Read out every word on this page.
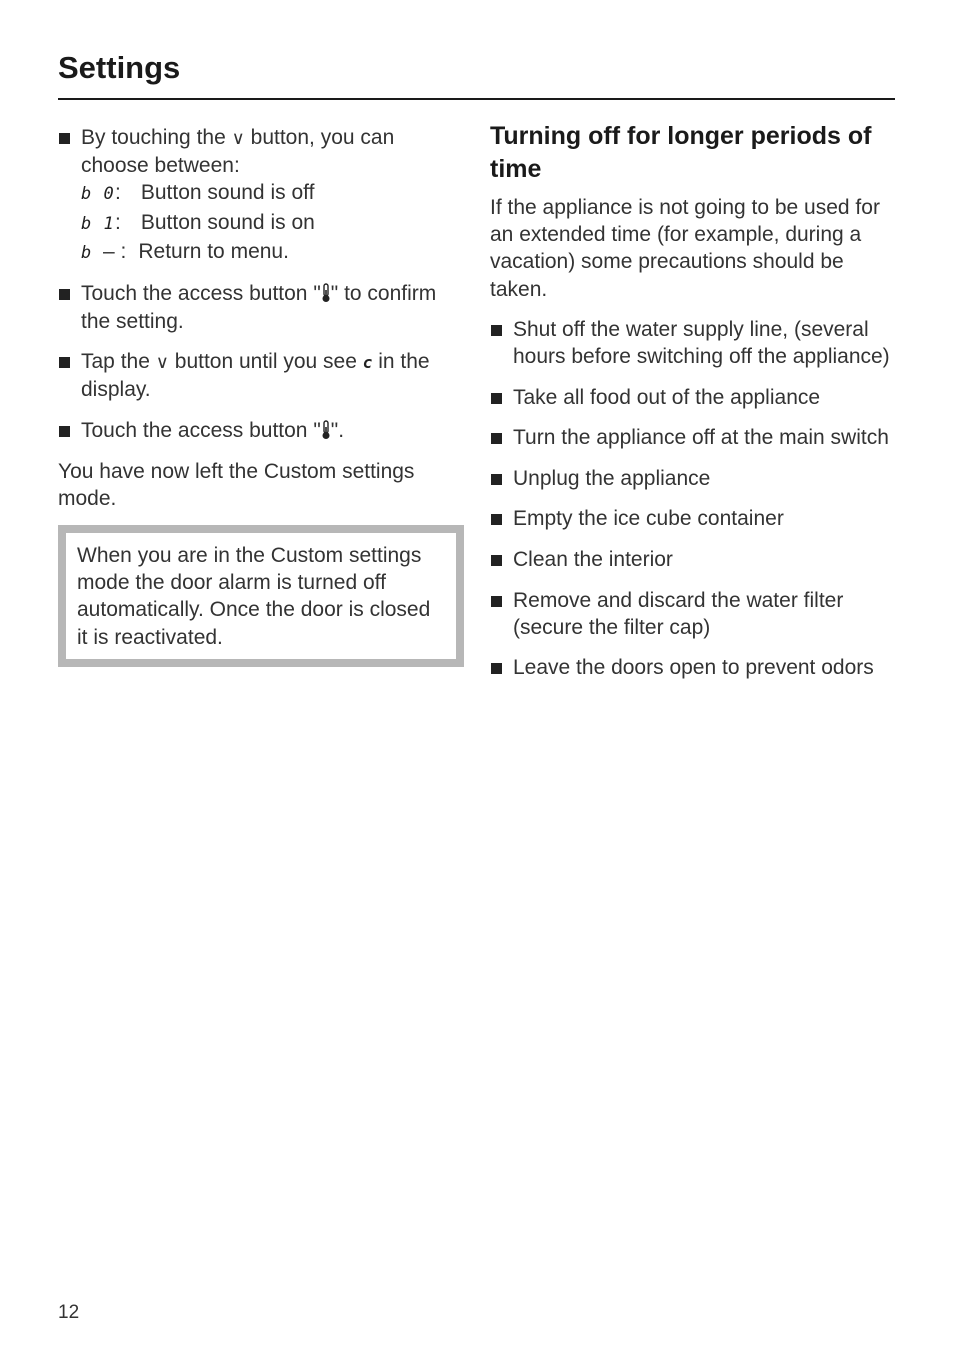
Settings
By touching the ∨ button, you can choose between:
b 0: Button sound is off
b 1: Button sound is on
b – : Return to menu.
Touch the access button " " to confirm the setting.
Tap the ∨ button until you see c in the display.
Touch the access button " ".

You have now left the Custom settings mode.

When you are in the Custom settings mode the door alarm is turned off automatically. Once the door is closed it is reactivated.
Turning off for longer periods of time

If the appliance is not going to be used for an extended time (for example, during a vacation) some precautions should be taken.

Shut off the water supply line, (several hours before switching off the appliance)
Take all food out of the appliance
Turn the appliance off at the main switch
Unplug the appliance
Empty the ice cube container
Clean the interior
Remove and discard the water filter (secure the filter cap)
Leave the doors open to prevent odors
12
